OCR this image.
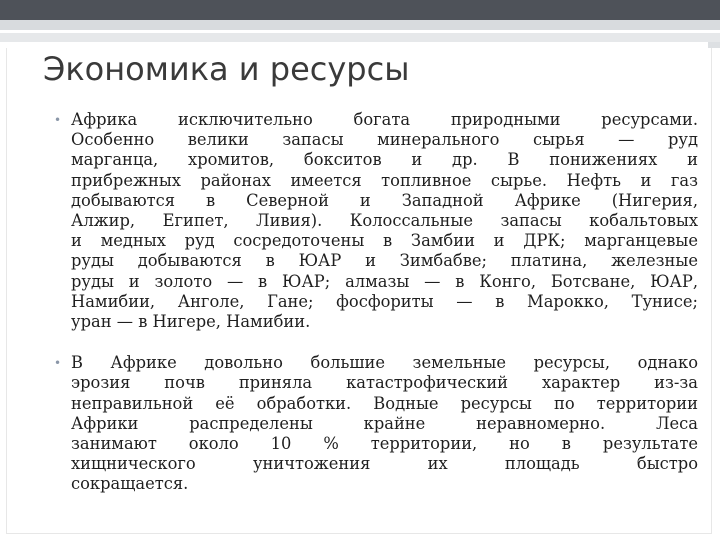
Экономика и ресурсы
• Африка исключительно богата природными ресурсами.
Особенно велики запасы минерального сырья — руд
марганца, хромитов, бокситов и др. В понижениях и
прибрежных районах имеется топливное сырье. Нефть и газ
добываются в Северной и Западной Африке (Нигерия,
Алжир, Египет, Ливия). Колоссальные запасы кобальтовых
и медных руд сосредоточены в Замбии и ДРК; марганцевые
руды добываются в ЮАР и Зимбабве; платина, железные
руды и золото — в ЮАР; алмазы — в Конго, Ботсване, ЮАР,
Намибии, Анголе, Гане; фосфориты — в Марокко, Тунисе;
уран — в Нигере, Намибии.
• В Африке довольно большие земельные ресурсы, однако
эрозия почв приняла катастрофический характер из-за
неправильной её обработки. Водные ресурсы по территории
Африки распределены крайне неравномерно. Леса
занимают около 10 % территории, но в результате
хищнического уничтожения их площадь быстро
сокращается.
